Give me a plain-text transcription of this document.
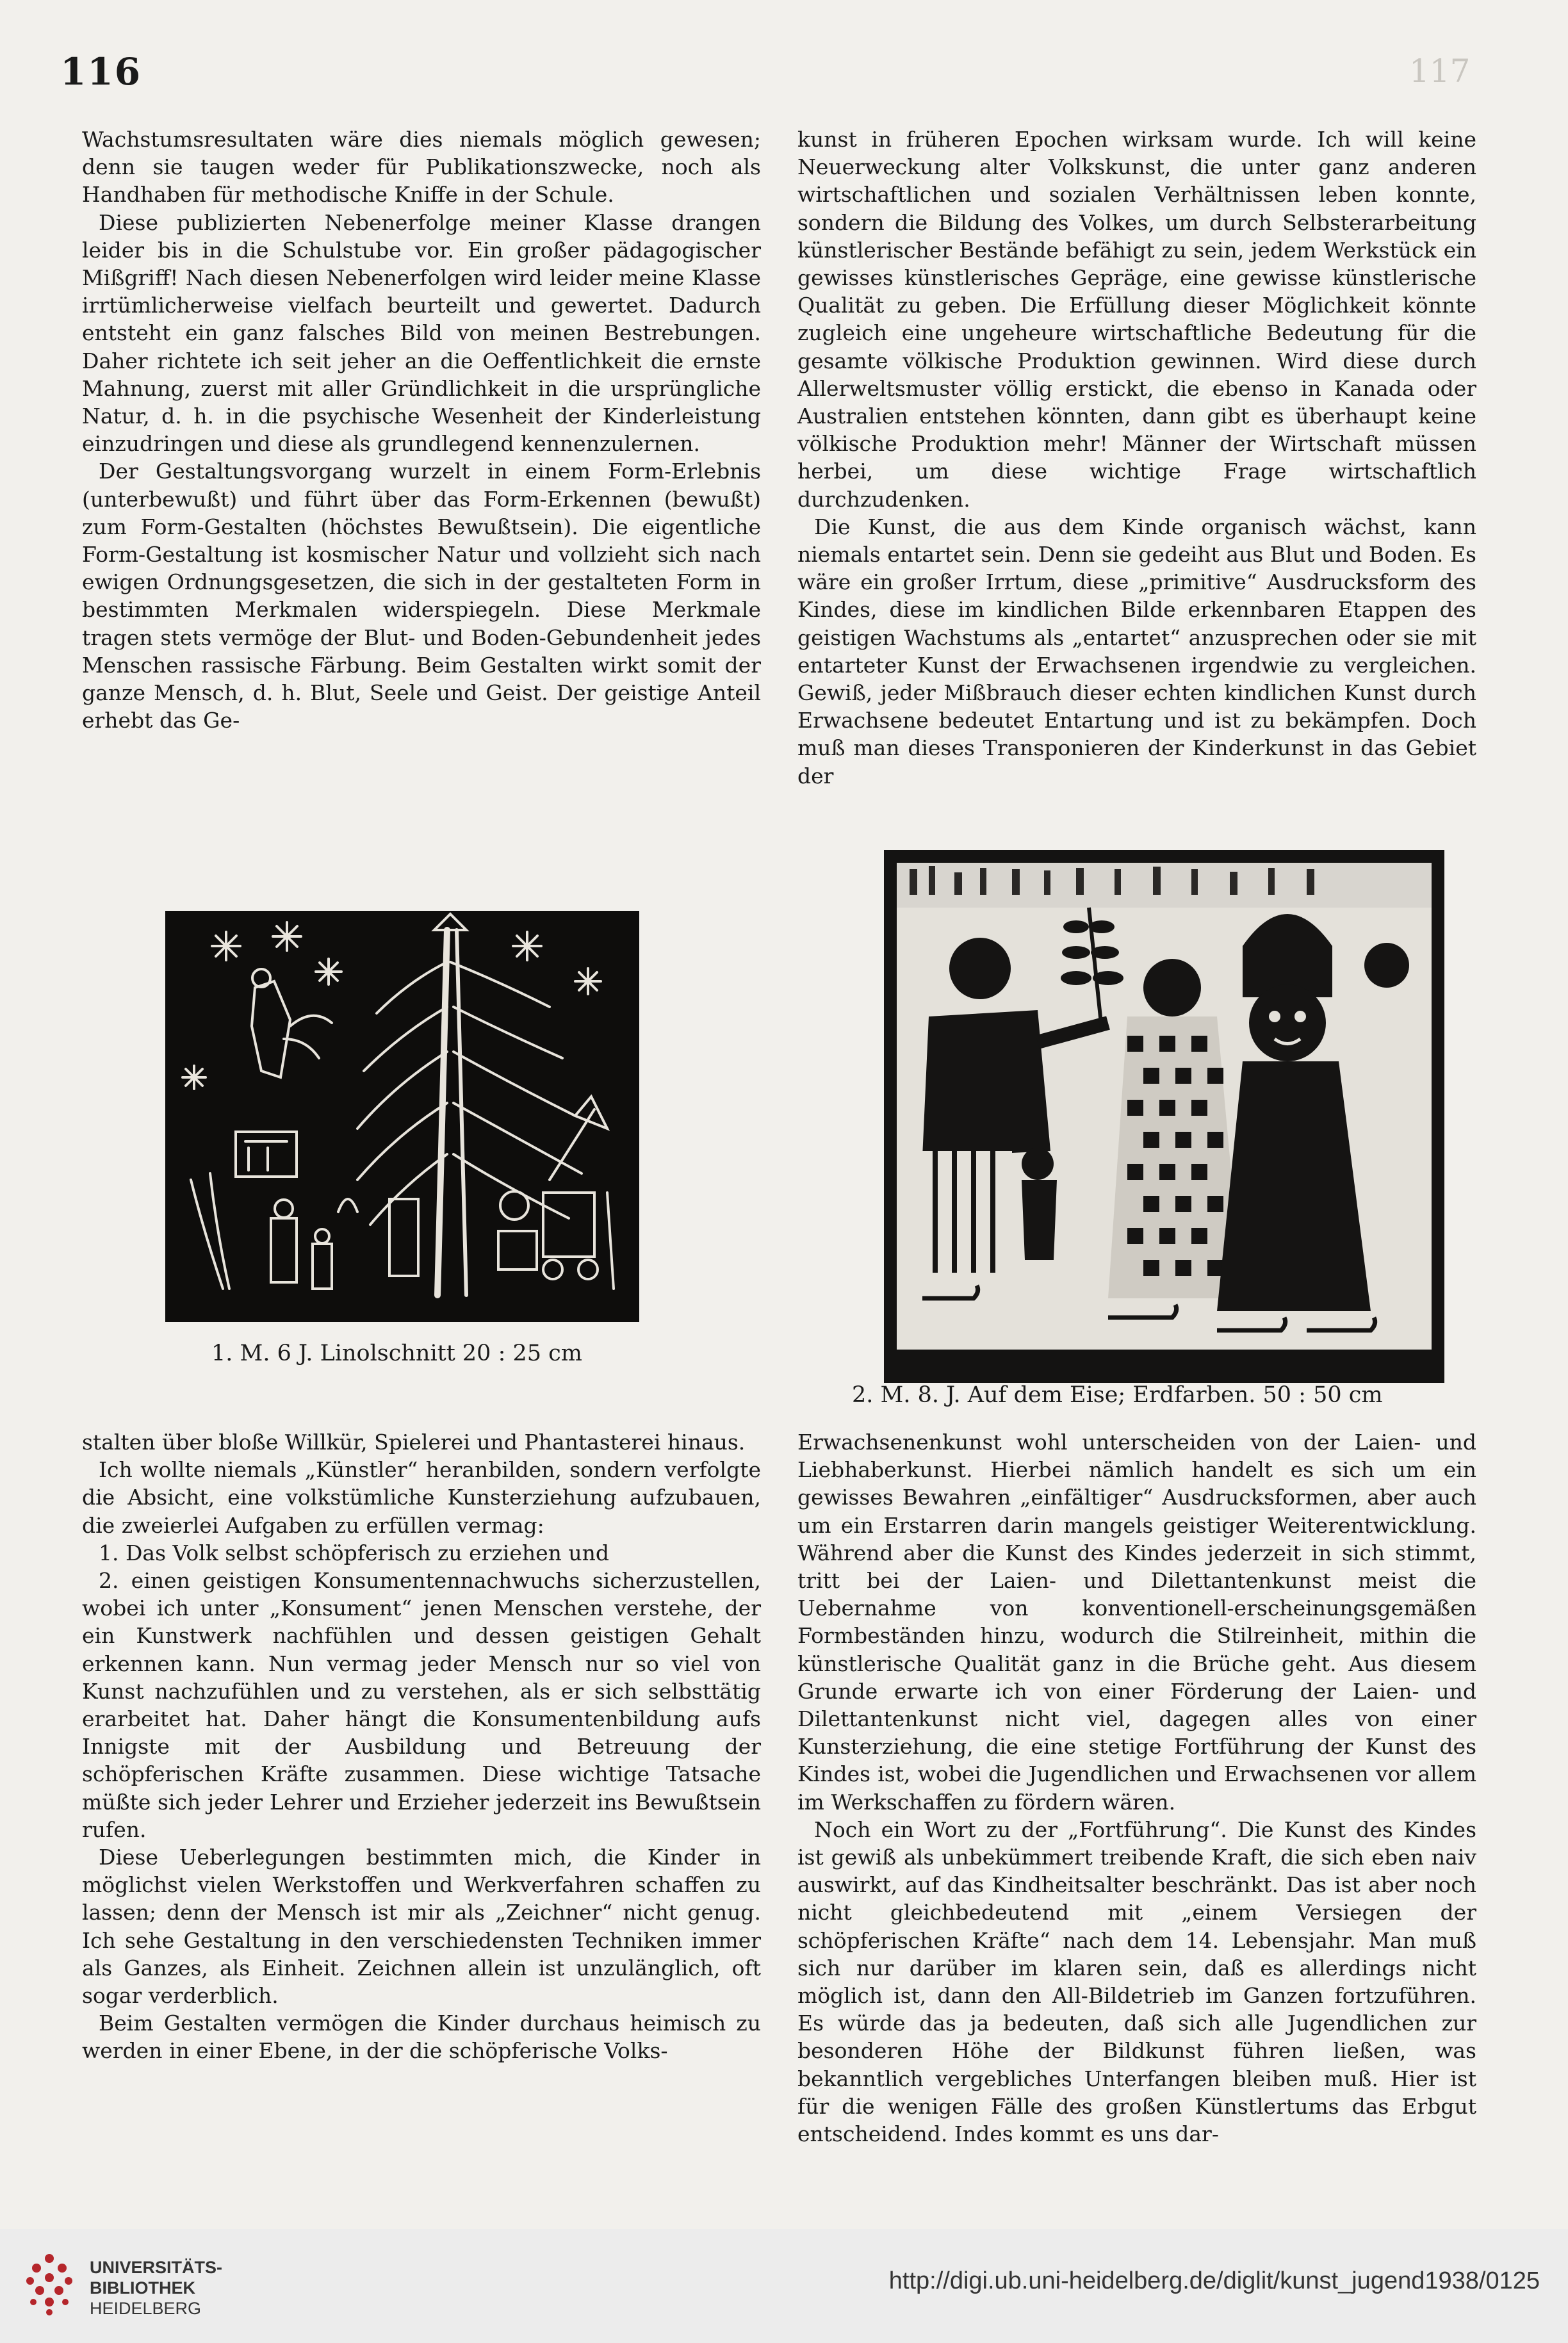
116	117

Wachstumsresultaten wäre dies niemals möglich gewesen; denn sie taugen weder für Publikationszwecke, noch als Handhaben für methodische Kniffe in der Schule.

Diese publizierten Nebenerfolge meiner Klasse drangen leider bis in die Schulstube vor. Ein großer pädagogischer Mißgriff! Nach diesen Nebenerfolgen wird leider meine Klasse irrtümlicherweise vielfach beurteilt und gewertet. Dadurch entsteht ein ganz falsches Bild von meinen Bestrebungen. Daher richtete ich seit jeher an die Oeffentlichkeit die ernste Mahnung, zuerst mit aller Gründlichkeit in die ursprüngliche Natur, d. h. in die psychische Wesenheit der Kinderleistung einzudringen und diese als grundlegend kennenzulernen.

Der Gestaltungsvorgang wurzelt in einem Form-Erlebnis (unterbewußt) und führt über das Form-Erkennen (bewußt) zum Form-Gestalten (höchstes Bewußtsein). Die eigentliche Form-Gestaltung ist kosmischer Natur und vollzieht sich nach ewigen Ordnungsgesetzen, die sich in der gestalteten Form in bestimmten Merkmalen widerspiegeln. Diese Merkmale tragen stets vermöge der Blut- und Boden-Gebundenheit jedes Menschen rassische Färbung. Beim Gestalten wirkt somit der ganze Mensch, d. h. Blut, Seele und Geist. Der geistige Anteil erhebt das Ge-

kunst in früheren Epochen wirksam wurde. Ich will keine Neuerweckung alter Volkskunst, die unter ganz anderen wirtschaftlichen und sozialen Verhältnissen leben konnte, sondern die Bildung des Volkes, um durch Selbsterarbeitung künstlerischer Bestände befähigt zu sein, jedem Werkstück ein gewisses künstlerisches Gepräge, eine gewisse künstlerische Qualität zu geben. Die Erfüllung dieser Möglichkeit könnte zugleich eine ungeheure wirtschaftliche Bedeutung für die gesamte völkische Produktion gewinnen. Wird diese durch Allerweltsmuster völlig erstickt, die ebenso in Kanada oder Australien entstehen könnten, dann gibt es überhaupt keine völkische Produktion mehr! Männer der Wirtschaft müssen herbei, um diese wichtige Frage wirtschaftlich durchzudenken.

Die Kunst, die aus dem Kinde organisch wächst, kann niemals entartet sein. Denn sie gedeiht aus Blut und Boden. Es wäre ein großer Irrtum, diese „primitive“ Ausdrucksform des Kindes, diese im kindlichen Bilde erkennbaren Etappen des geistigen Wachstums als „entartet“ anzusprechen oder sie mit entarteter Kunst der Erwachsenen irgendwie zu vergleichen. Gewiß, jeder Mißbrauch dieser echten kindlichen Kunst durch Erwachsene bedeutet Entartung und ist zu bekämpfen. Doch muß man dieses Transponieren der Kinderkunst in das Gebiet der

1. M. 6 J. Linolschnitt 20 : 25 cm
2. M. 8. J. Auf dem Eise; Erdfarben. 50 : 50 cm

stalten über bloße Willkür, Spielerei und Phantasterei hinaus.

Ich wollte niemals „Künstler“ heranbilden, sondern verfolgte die Absicht, eine volkstümliche Kunsterziehung aufzubauen, die zweierlei Aufgaben zu erfüllen vermag:

1. Das Volk selbst schöpferisch zu erziehen und

2. einen geistigen Konsumentennachwuchs sicherzustellen, wobei ich unter „Konsument“ jenen Menschen verstehe, der ein Kunstwerk nachfühlen und dessen geistigen Gehalt erkennen kann. Nun vermag jeder Mensch nur so viel von Kunst nachzufühlen und zu verstehen, als er sich selbsttätig erarbeitet hat. Daher hängt die Konsumentenbildung aufs Innigste mit der Ausbildung und Betreuung der schöpferischen Kräfte zusammen. Diese wichtige Tatsache müßte sich jeder Lehrer und Erzieher jederzeit ins Bewußtsein rufen.

Diese Ueberlegungen bestimmten mich, die Kinder in möglichst vielen Werkstoffen und Werkverfahren schaffen zu lassen; denn der Mensch ist mir als „Zeichner“ nicht genug. Ich sehe Gestaltung in den verschiedensten Techniken immer als Ganzes, als Einheit. Zeichnen allein ist unzulänglich, oft sogar verderblich.

Beim Gestalten vermögen die Kinder durchaus heimisch zu werden in einer Ebene, in der die schöpferische Volks-

Erwachsenenkunst wohl unterscheiden von der Laien- und Liebhaberkunst. Hierbei nämlich handelt es sich um ein gewisses Bewahren „einfältiger“ Ausdrucksformen, aber auch um ein Erstarren darin mangels geistiger Weiterentwicklung. Während aber die Kunst des Kindes jederzeit in sich stimmt, tritt bei der Laien- und Dilettantenkunst meist die Uebernahme von konventionell-erscheinungsgemäßen Formbeständen hinzu, wodurch die Stilreinheit, mithin die künstlerische Qualität ganz in die Brüche geht. Aus diesem Grunde erwarte ich von einer Förderung der Laien- und Dilettantenkunst nicht viel, dagegen alles von einer Kunsterziehung, die eine stetige Fortführung der Kunst des Kindes ist, wobei die Jugendlichen und Erwachsenen vor allem im Werkschaffen zu fördern wären.

Noch ein Wort zu der „Fortführung“. Die Kunst des Kindes ist gewiß als unbekümmert treibende Kraft, die sich eben naiv auswirkt, auf das Kindheitsalter beschränkt. Das ist aber noch nicht gleichbedeutend mit „einem Versiegen der schöpferischen Kräfte“ nach dem 14. Lebensjahr. Man muß sich nur darüber im klaren sein, daß es allerdings nicht möglich ist, dann den All-Bildetrieb im Ganzen fortzuführen. Es würde das ja bedeuten, daß sich alle Jugendlichen zur besonderen Höhe der Bildkunst führen ließen, was bekanntlich vergebliches Unterfangen bleiben muß. Hier ist für die wenigen Fälle des großen Künstlertums das Erbgut entscheidend. Indes kommt es uns dar-

UNIVERSITÄTS-
BIBLIOTHEK
HEIDELBERG
http://digi.ub.uni-heidelberg.de/diglit/kunst_jugend1938/0125
